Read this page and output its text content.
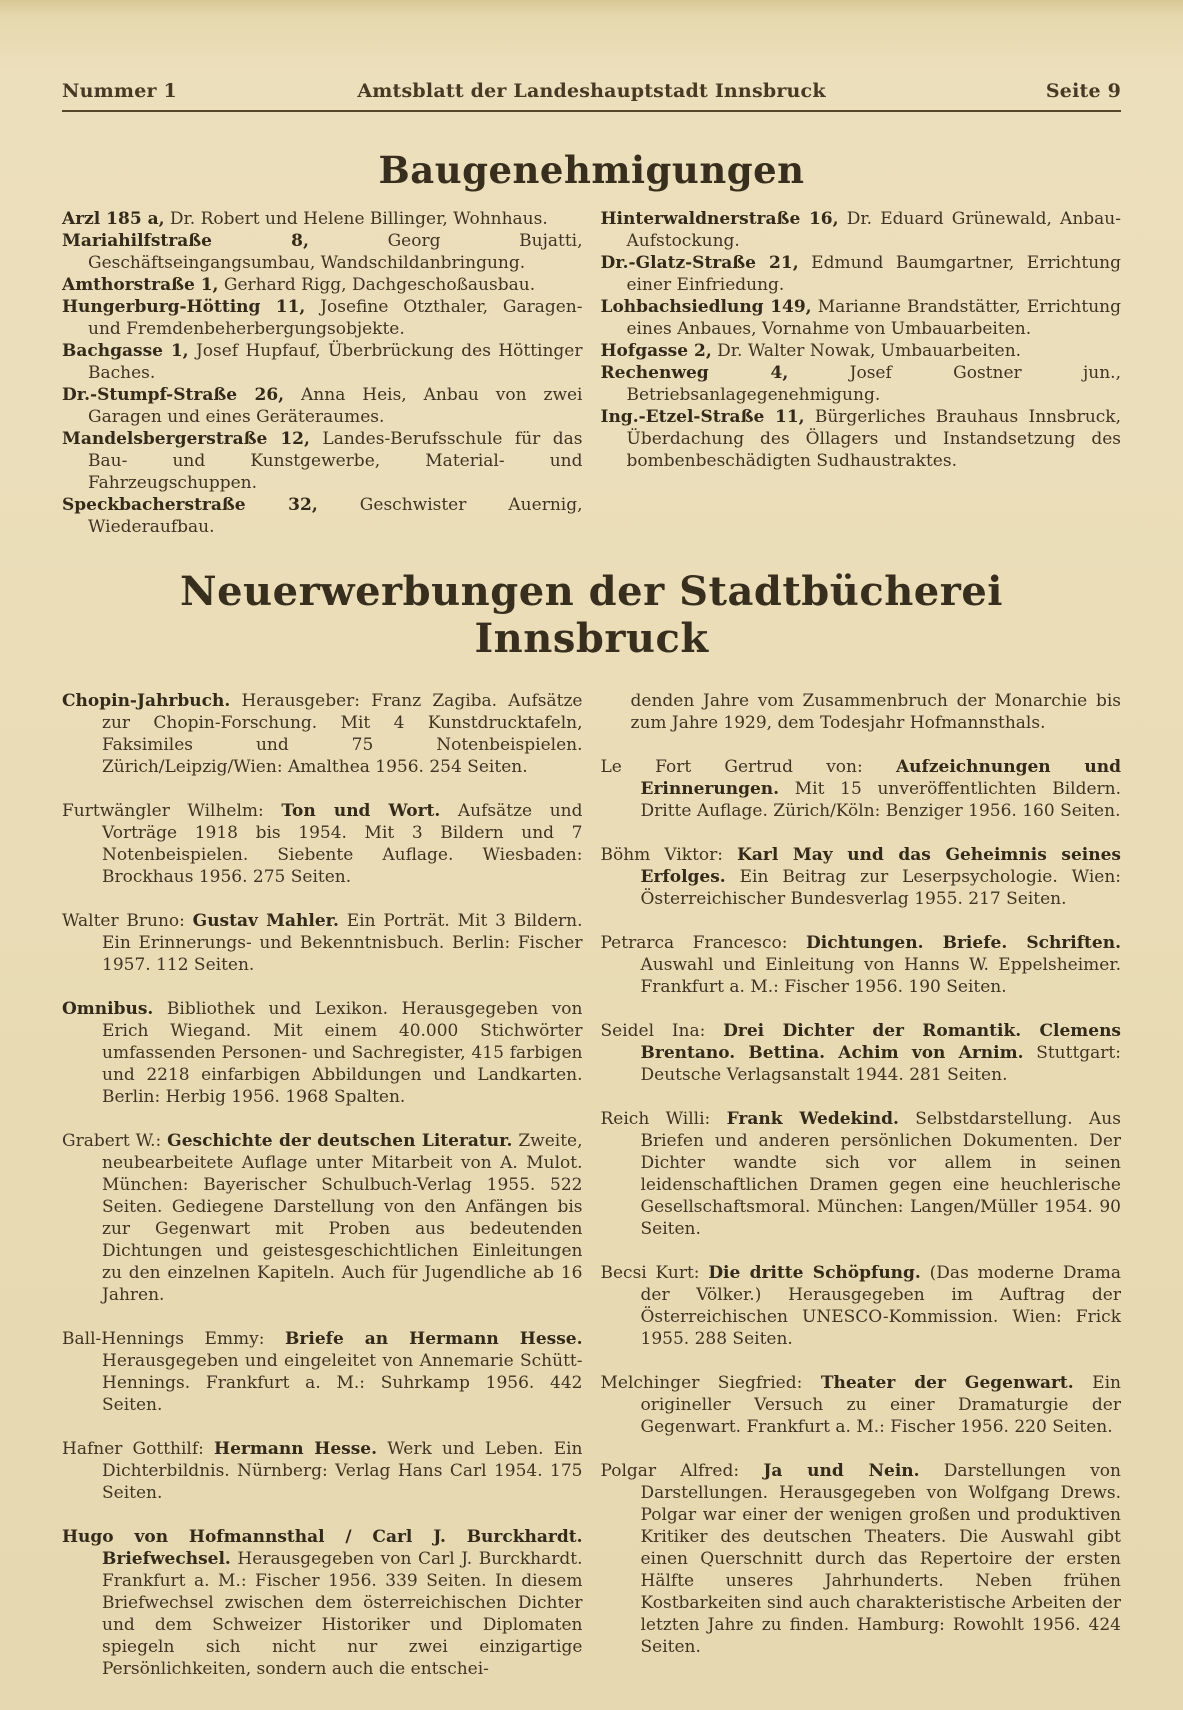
Nummer 1	Amtsblatt der Landeshauptstadt Innsbruck	Seite 9
Baugenehmigungen

Arzl 185 a, Dr. Robert und Helene Billinger, Wohnhaus.

Mariahilfstraße 8, Georg Bujatti, Geschäftseingangsumbau, Wandschildanbringung.

Amthorstraße 1, Gerhard Rigg, Dachgeschoßausbau.

Hungerburg-Hötting 11, Josefine Otzthaler, Garagen- und Fremdenbeherbergungsobjekte.

Bachgasse 1, Josef Hupfauf, Überbrückung des Höttinger Baches.

Dr.-Stumpf-Straße 26, Anna Heis, Anbau von zwei Garagen und eines Geräteraumes.

Mandelsbergerstraße 12, Landes-Berufsschule für das Bau- und Kunstgewerbe, Material- und Fahrzeugschuppen.

Speckbacherstraße 32, Geschwister Auernig, Wiederaufbau.

Hinterwaldnerstraße 16, Dr. Eduard Grünewald, Anbau-Aufstockung.

Dr.-Glatz-Straße 21, Edmund Baumgartner, Errichtung einer Einfriedung.

Lohbachsiedlung 149, Marianne Brandstätter, Errichtung eines Anbaues, Vornahme von Umbauarbeiten.

Hofgasse 2, Dr. Walter Nowak, Umbauarbeiten.

Rechenweg 4, Josef Gostner jun., Betriebsanlagegenehmigung.

Ing.-Etzel-Straße 11, Bürgerliches Brauhaus Innsbruck, Überdachung des Öllagers und Instandsetzung des bombenbeschädigten Sudhaustraktes.

Neuerwerbungen der Stadtbücherei Innsbruck

Chopin-Jahrbuch. Herausgeber: Franz Zagiba. Aufsätze zur Chopin-Forschung. Mit 4 Kunstdrucktafeln, Faksimiles und 75 Notenbeispielen. Zürich/Leipzig/Wien: Amalthea 1956. 254 Seiten.

Furtwängler Wilhelm: Ton und Wort. Aufsätze und Vorträge 1918 bis 1954. Mit 3 Bildern und 7 Notenbeispielen. Siebente Auflage. Wiesbaden: Brockhaus 1956. 275 Seiten.

Walter Bruno: Gustav Mahler. Ein Porträt. Mit 3 Bildern. Ein Erinnerungs- und Bekenntnisbuch. Berlin: Fischer 1957. 112 Seiten.

Omnibus. Bibliothek und Lexikon. Herausgegeben von Erich Wiegand. Mit einem 40.000 Stichwörter umfassenden Personen- und Sachregister, 415 farbigen und 2218 einfarbigen Abbildungen und Landkarten. Berlin: Herbig 1956. 1968 Spalten.

Grabert W.: Geschichte der deutschen Literatur. Zweite, neubearbeitete Auflage unter Mitarbeit von A. Mulot. München: Bayerischer Schulbuch-Verlag 1955. 522 Seiten. Gediegene Darstellung von den Anfängen bis zur Gegenwart mit Proben aus bedeutenden Dichtungen und geistesgeschichtlichen Einleitungen zu den einzelnen Kapiteln. Auch für Jugendliche ab 16 Jahren.

Ball-Hennings Emmy: Briefe an Hermann Hesse. Herausgegeben und eingeleitet von Annemarie Schütt-Hennings. Frankfurt a. M.: Suhrkamp 1956. 442 Seiten.

Hafner Gotthilf: Hermann Hesse. Werk und Leben. Ein Dichterbildnis. Nürnberg: Verlag Hans Carl 1954. 175 Seiten.

Hugo von Hofmannsthal / Carl J. Burckhardt. Briefwechsel. Herausgegeben von Carl J. Burckhardt. Frankfurt a. M.: Fischer 1956. 339 Seiten. In diesem Briefwechsel zwischen dem österreichischen Dichter und dem Schweizer Historiker und Diplomaten spiegeln sich nicht nur zwei einzigartige Persönlichkeiten, sondern auch die entschei-

denden Jahre vom Zusammenbruch der Monarchie bis zum Jahre 1929, dem Todesjahr Hofmannsthals.

Le Fort Gertrud von: Aufzeichnungen und Erinnerungen. Mit 15 unveröffentlichten Bildern. Dritte Auflage. Zürich/Köln: Benziger 1956. 160 Seiten.

Böhm Viktor: Karl May und das Geheimnis seines Erfolges. Ein Beitrag zur Leserpsychologie. Wien: Österreichischer Bundesverlag 1955. 217 Seiten.

Petrarca Francesco: Dichtungen. Briefe. Schriften. Auswahl und Einleitung von Hanns W. Eppelsheimer. Frankfurt a. M.: Fischer 1956. 190 Seiten.

Seidel Ina: Drei Dichter der Romantik. Clemens Brentano. Bettina. Achim von Arnim. Stuttgart: Deutsche Verlagsanstalt 1944. 281 Seiten.

Reich Willi: Frank Wedekind. Selbstdarstellung. Aus Briefen und anderen persönlichen Dokumenten. Der Dichter wandte sich vor allem in seinen leidenschaftlichen Dramen gegen eine heuchlerische Gesellschaftsmoral. München: Langen/Müller 1954. 90 Seiten.

Becsi Kurt: Die dritte Schöpfung. (Das moderne Drama der Völker.) Herausgegeben im Auftrag der Österreichischen UNESCO-Kommission. Wien: Frick 1955. 288 Seiten.

Melchinger Siegfried: Theater der Gegenwart. Ein origineller Versuch zu einer Dramaturgie der Gegenwart. Frankfurt a. M.: Fischer 1956. 220 Seiten.

Polgar Alfred: Ja und Nein. Darstellungen von Darstellungen. Herausgegeben von Wolfgang Drews. Polgar war einer der wenigen großen und produktiven Kritiker des deutschen Theaters. Die Auswahl gibt einen Querschnitt durch das Repertoire der ersten Hälfte unseres Jahrhunderts. Neben frühen Kostbarkeiten sind auch charakteristische Arbeiten der letzten Jahre zu finden. Hamburg: Rowohlt 1956. 424 Seiten.
